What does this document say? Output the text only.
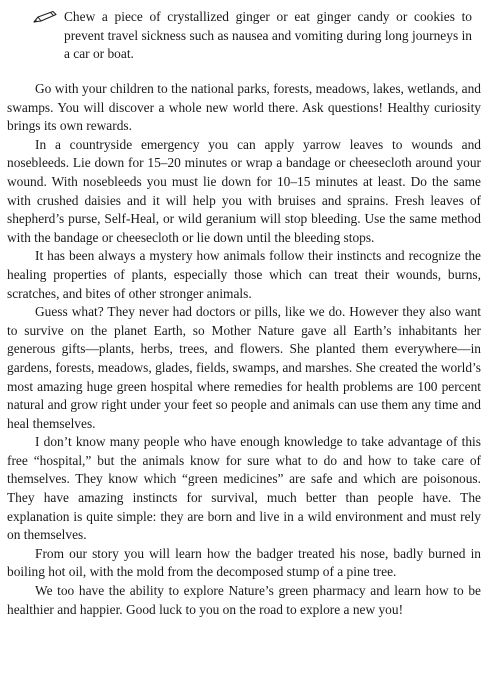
Chew a piece of crystallized ginger or eat ginger candy or cookies to prevent travel sickness such as nausea and vomiting during long journeys in a car or boat.

Go with your children to the national parks, forests, meadows, lakes, wetlands, and swamps. You will discover a whole new world there. Ask questions! Healthy curiosity brings its own rewards.

In a countryside emergency you can apply yarrow leaves to wounds and nosebleeds. Lie down for 15–20 minutes or wrap a bandage or cheesecloth around your wound. With nosebleeds you must lie down for 10–15 minutes at least. Do the same with crushed daisies and it will help you with bruises and sprains. Fresh leaves of shepherd’s purse, Self-Heal, or wild geranium will stop bleeding. Use the same method with the bandage or cheesecloth or lie down until the bleeding stops.

It has been always a mystery how animals follow their instincts and recognize the healing properties of plants, especially those which can treat their wounds, burns, scratches, and bites of other stronger animals.

Guess what? They never had doctors or pills, like we do. However they also want to survive on the planet Earth, so Mother Nature gave all Earth’s inhabitants her generous gifts—plants, herbs, trees, and flowers. She planted them everywhere—in gardens, forests, meadows, glades, fields, swamps, and marshes. She created the world’s most amazing huge green hospital where remedies for health problems are 100 percent natural and grow right under your feet so people and animals can use them any time and heal themselves.

I don’t know many people who have enough knowledge to take advantage of this free “hospital,” but the animals know for sure what to do and how to take care of themselves. They know which “green medicines” are safe and which are poisonous. They have amazing instincts for survival, much better than people have. The explanation is quite simple: they are born and live in a wild environment and must rely on themselves.

From our story you will learn how the badger treated his nose, badly burned in boiling hot oil, with the mold from the decomposed stump of a pine tree.

We too have the ability to explore Nature’s green pharmacy and learn how to be healthier and happier. Good luck to you on the road to explore a new you!
